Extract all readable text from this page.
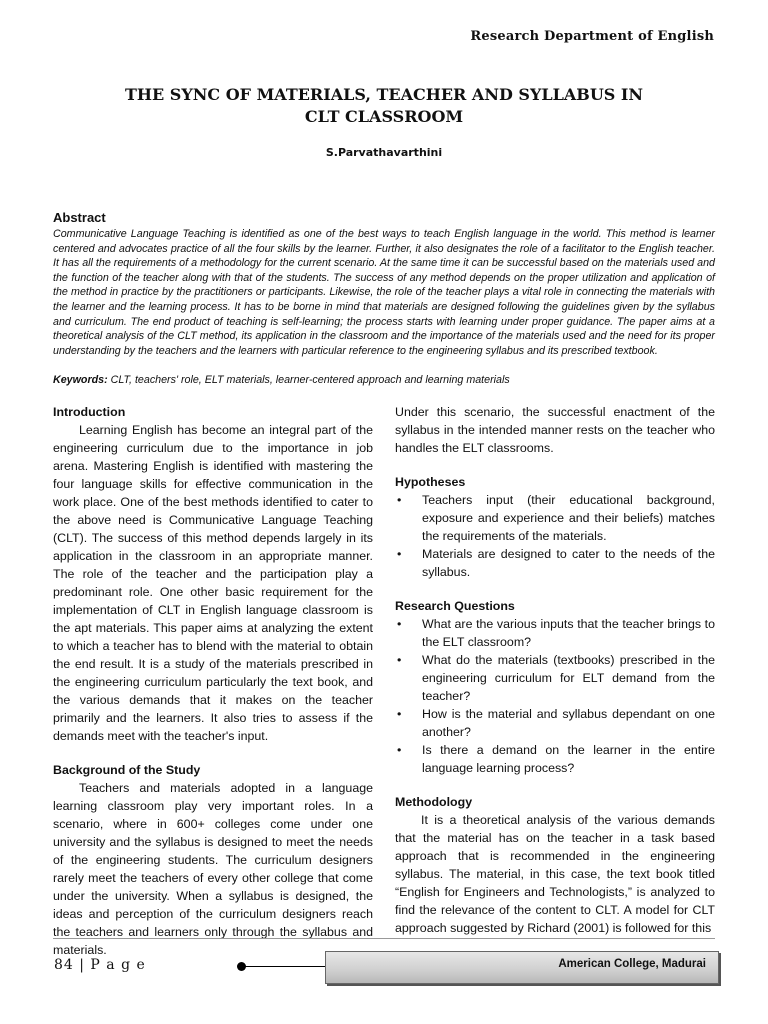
Research Department of English
THE SYNC OF MATERIALS, TEACHER AND SYLLABUS IN
CLT CLASSROOM
S.Parvathavarthini
Abstract
Communicative Language Teaching is identified as one of the best ways to teach English language in the world. This method is learner centered and advocates practice of all the four skills by the learner. Further, it also designates the role of a facilitator to the English teacher. It has all the requirements of a methodology for the current scenario. At the same time it can be successful based on the materials used and the function of the teacher along with that of the students. The success of any method depends on the proper utilization and application of the method in practice by the practitioners or participants. Likewise, the role of the teacher plays a vital role in connecting the materials with the learner and the learning process. It has to be borne in mind that materials are designed following the guidelines given by the syllabus and curriculum. The end product of teaching is self-learning; the process starts with learning under proper guidance. The paper aims at a theoretical analysis of the CLT method, its application in the classroom and the importance of the materials used and the need for its proper understanding by the teachers and the learners with particular reference to the engineering syllabus and its prescribed textbook.
Keywords: CLT, teachers' role, ELT materials, learner-centered approach and learning materials

Introduction

Learning English has become an integral part of the engineering curriculum due to the importance in job arena. Mastering English is identified with mastering the four language skills for effective communication in the work place. One of the best methods identified to cater to the above need is Communicative Language Teaching (CLT). The success of this method depends largely in its application in the classroom in an appropriate manner. The role of the teacher and the participation play a predominant role. One other basic requirement for the implementation of CLT in English language classroom is the apt materials. This paper aims at analyzing the extent to which a teacher has to blend with the material to obtain the end result. It is a study of the materials prescribed in the engineering curriculum particularly the text book, and the various demands that it makes on the teacher primarily and the learners. It also tries to assess if the demands meet with the teacher's input.

Background of the Study

Teachers and materials adopted in a language learning classroom play very important roles. In a scenario, where in 600+ colleges come under one university and the syllabus is designed to meet the needs of the engineering students. The curriculum designers rarely meet the teachers of every other college that come under the university. When a syllabus is designed, the ideas and perception of the curriculum designers reach the teachers and learners only through the syllabus and materials.

Under this scenario, the successful enactment of the syllabus in the intended manner rests on the teacher who handles the ELT classrooms.

Hypotheses

• Teachers input (their educational background, exposure and experience and their beliefs) matches the requirements of the materials.
• Materials are designed to cater to the needs of the syllabus.

Research Questions

• What are the various inputs that the teacher brings to the ELT classroom?
• What do the materials (textbooks) prescribed in the engineering curriculum for ELT demand from the teacher?
• How is the material and syllabus dependant on one another?
• Is there a demand on the learner in the entire language learning process?

Methodology

It is a theoretical analysis of the various demands that the material has on the teacher in a task based approach that is recommended in the engineering syllabus. The material, in this case, the text book titled “English for Engineers and Technologists,” is analyzed to find the relevance of the content to CLT. A model for CLT approach suggested by Richard (2001) is followed for this

84 | P a g e	American College, Madurai
